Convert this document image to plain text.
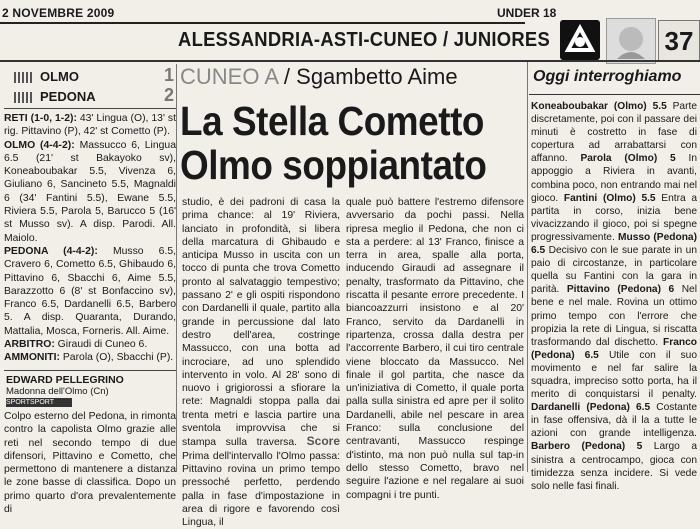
2 NOVEMBRE 2009	UNDER 18
ALESSANDRIA-ASTI-CUNEO / JUNIORES	37
OLMO	1
PEDONA	2

RETI (1-0, 1-2): 43' Lingua (O), 13' st rig. Pittavino (P), 42' st Cometto (P).

OLMO (4-4-2): Massucco 6, Lingua 6.5 (21' st Bakayoko sv), Koneaboubakar 5.5, Vivenza 6, Giuliano 6, Sancineto 5.5, Magnaldi 6 (34' Fantini 5.5), Ewane 5.5, Riviera 5.5, Parola 5, Barucco 5 (16' st Musso sv). A disp. Parodi. All. Maiolo.

PEDONA (4-4-2): Musso 6.5, Cravero 6, Cometto 6.5, Ghibaudo 6, Pittavino 6, Sbacchi 6, Aime 5.5, Barazzotto 6 (8' st Bonfaccino sv), Franco 6.5, Dardanelli 6.5, Barbero 5. A disp. Quaranta, Durando, Mattalia, Mosca, Forneris. All. Aime.

ARBITRO: Giraudi di Cuneo 6.

AMMONITI: Parola (O), Sbacchi (P).

EDWARD PELLEGRINO
Madonna dell'Olmo (Cn)
SPORTSPORT
Colpo esterno del Pedona, in rimonta contro la capolista Olmo grazie alle reti nel secondo tempo di due difensori, Pittavino e Cometto, che permettono di mantenere a distanza le zone basse di classifica. Dopo un primo quarto d'ora prevalentemente di
CUNEO A / Sgambetto Aime
La Stella Cometto
Olmo soppiantato
studio, è dei padroni di casa la prima chance: al 19' Riviera, lanciato in profondità, si libera della marcatura di Ghibaudo e anticipa Musso in uscita con un tocco di punta che trova Cometto pronto al salvataggio tempestivo; passano 2' e gli ospiti rispondono con Dardanelli il quale, partito alla grande in percussione dal lato destro dell'area, costringe Massucco, con una botta ad incrociare, ad uno splendido intervento in volo. Al 28' sono di nuovo i grigiorossi a sfiorare la rete: Magnaldi stoppa palla dai trenta metri e lascia partire una sventola improvvisa che si stampa sulla traversa. Score Prima dell'intervallo l'Olmo passa: Pittavino rovina un primo tempo pressoché perfetto, perdendo palla in fase d'impostazione in area di rigore e favorendo così Lingua, il
quale può battere l'estremo difensore avversario da pochi passi. Nella ripresa meglio il Pedona, che non ci sta a perdere: al 13' Franco, finisce a terra in area, spalle alla porta, inducendo Giraudi ad assegnare il penalty, trasformato da Pittavino, che riscatta il pesante errore precedente. I biancoazzurri insistono e al 20' Franco, servito da Dardanelli in ripartenza, crossa dalla destra per l'accorrente Barbero, il cui tiro centrale viene bloccato da Massucco. Nel finale il gol partita, che nasce da un'iniziativa di Cometto, il quale porta palla sulla sinistra ed apre per il solito Dardanelli, abile nel pescare in area Franco: sulla conclusione del centravanti, Massucco respinge d'istinto, ma non può nulla sul tap-in dello stesso Cometto, bravo nel seguire l'azione e nel regalare ai suoi compagni i tre punti.
Oggi interroghiamo
Koneaboubakar (Olmo) 5.5 Parte discretamente, poi con il passare dei minuti è costretto in fase di copertura ad arrabattarsi con affanno. Parola (Olmo) 5 In appoggio a Riviera in avanti, combina poco, non entrando mai nel gioco. Fantini (Olmo) 5.5 Entra a partita in corso, inizia bene vivacizzando il gioco, poi si spegne progressivamente. Musso (Pedona) 6.5 Decisivo con le sue parate in un paio di circostanze, in particolare quella su Fantini con la gara in parità. Pittavino (Pedona) 6 Nel bene e nel male. Rovina un ottimo primo tempo con l'errore che propizia la rete di Lingua, si riscatta trasformando dal dischetto. Franco (Pedona) 6.5 Utile con il suo movimento e nel far salire la squadra, impreciso sotto porta, ha il merito di conquistarsi il penalty. Dardanelli (Pedona) 6.5 Costante in fase offensiva, dà il la a tutte le azioni con grande intelligenza. Barbero (Pedona) 5 Largo a sinistra a centrocampo, gioca con timidezza senza incidere. Si vede solo nelle fasi finali.
